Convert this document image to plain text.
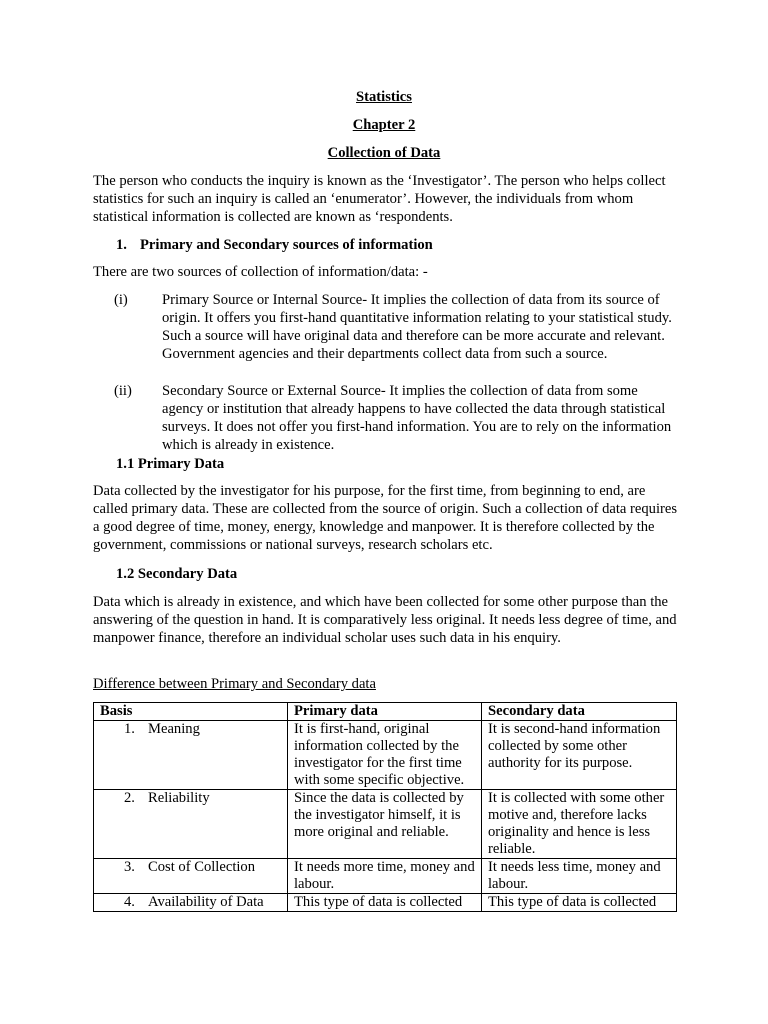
Statistics
Chapter 2
Collection of Data
The person who conducts the inquiry is known as the ‘Investigator’. The person who helps collect statistics for such an inquiry is called an ‘enumerator’. However, the individuals from whom statistical information is collected are known as ‘respondents.
1. Primary and Secondary sources of information
There are two sources of collection of information/data: -
(i) Primary Source or Internal Source- It implies the collection of data from its source of origin. It offers you first-hand quantitative information relating to your statistical study. Such a source will have original data and therefore can be more accurate and relevant. Government agencies and their departments collect data from such a source.
(ii) Secondary Source or External Source- It implies the collection of data from some agency or institution that already happens to have collected the data through statistical surveys. It does not offer you first-hand information. You are to rely on the information which is already in existence.
1.1 Primary Data
Data collected by the investigator for his purpose, for the first time, from beginning to end, are called primary data. These are collected from the source of origin. Such a collection of data requires a good degree of time, money, energy, knowledge and manpower. It is therefore collected by the government, commissions or national surveys, research scholars etc.
1.2 Secondary Data
Data which is already in existence, and which have been collected for some other purpose than the answering of the question in hand. It is comparatively less original. It needs less degree of time, and manpower finance, therefore an individual scholar uses such data in his enquiry.
Difference between Primary and Secondary data
Basis	Primary data	Secondary data
1. Meaning	It is first-hand, original information collected by the investigator for the first time with some specific objective.	It is second-hand information collected by some other authority for its purpose.
2. Reliability	Since the data is collected by the investigator himself, it is more original and reliable.	It is collected with some other motive and, therefore lacks originality and hence is less reliable.
3. Cost of Collection	It needs more time, money and labour.	It needs less time, money and labour.
4. Availability of Data	This type of data is collected	This type of data is collected
